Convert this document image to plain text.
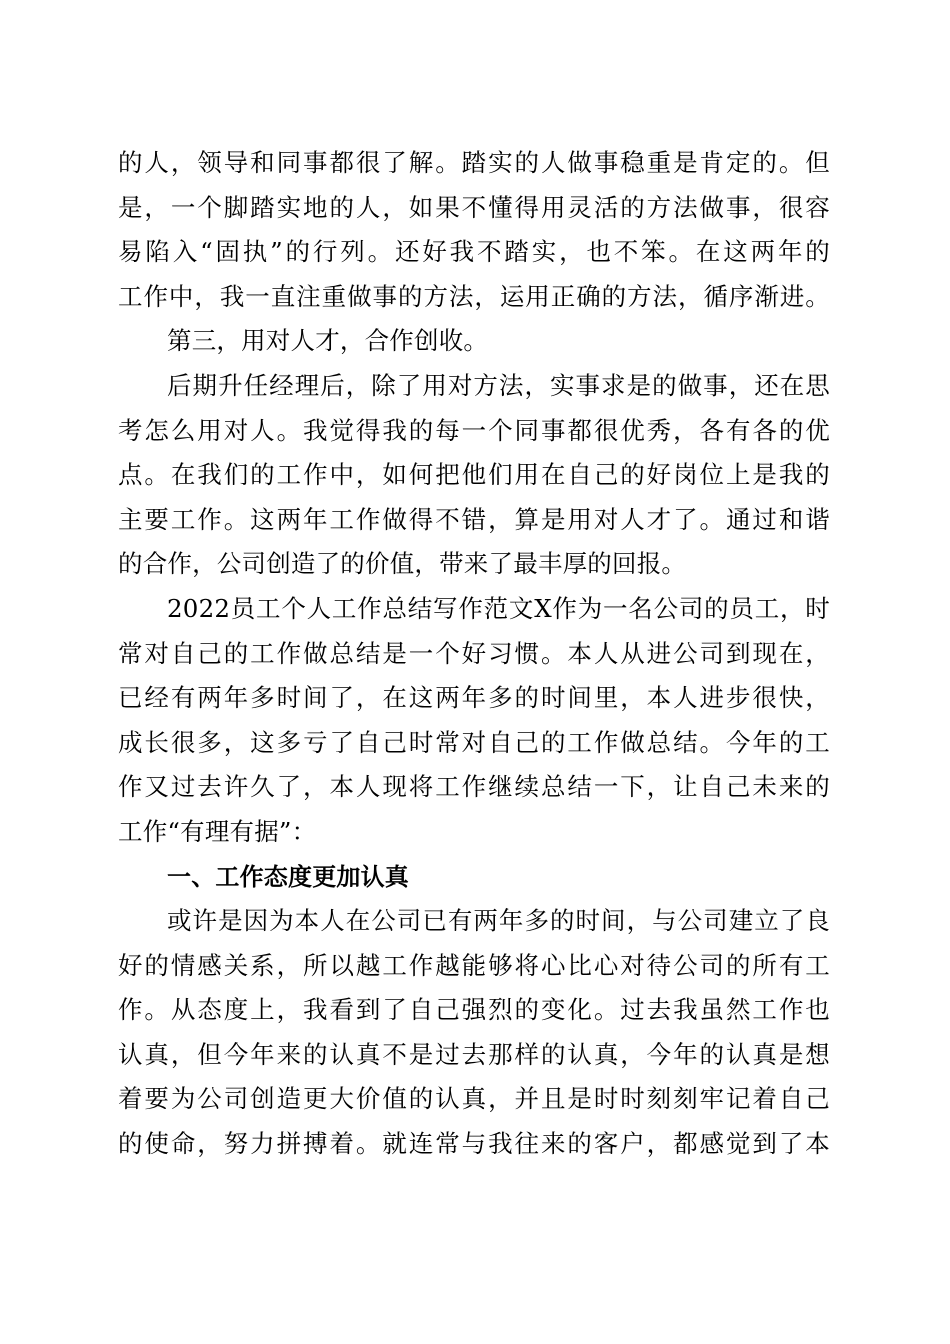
的人，领导和同事都很了解。踏实的人做事稳重是肯定的。但
是，一个脚踏实地的人，如果不懂得用灵活的方法做事，很容
易陷入“固执”的行列。还好我不踏实，也不笨。在这两年的
工作中，我一直注重做事的方法，运用正确的方法，循序渐进。
第三，用对人才，合作创收。
后期升任经理后，除了用对方法，实事求是的做事，还在思
考怎么用对人。我觉得我的每一个同事都很优秀，各有各的优
点。在我们的工作中，如何把他们用在自己的好岗位上是我的
主要工作。这两年工作做得不错，算是用对人才了。通过和谐
的合作，公司创造了的价值，带来了最丰厚的回报。
2022员工个人工作总结写作范文X作为一名公司的员工，时
常对自己的工作做总结是一个好习惯。本人从进公司到现在，
已经有两年多时间了，在这两年多的时间里，本人进步很快，
成长很多，这多亏了自己时常对自己的工作做总结。今年的工
作又过去许久了，本人现将工作继续总结一下，让自己未来的
工作“有理有据”：
一、工作态度更加认真
或许是因为本人在公司已有两年多的时间，与公司建立了良
好的情感关系，所以越工作越能够将心比心对待公司的所有工
作。从态度上，我看到了自己强烈的变化。过去我虽然工作也
认真，但今年来的认真不是过去那样的认真，今年的认真是想
着要为公司创造更大价值的认真，并且是时时刻刻牢记着自己
的使命，努力拼搏着。就连常与我往来的客户，都感觉到了本
